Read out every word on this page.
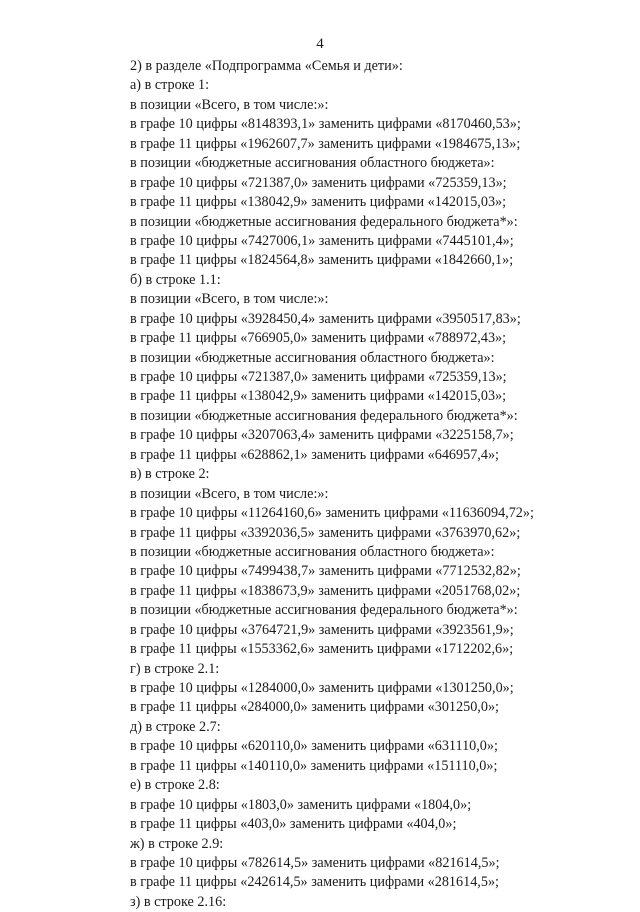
4
2) в разделе «Подпрограмма «Семья и дети»:
а) в строке 1:
в позиции «Всего, в том числе:»:
в графе 10 цифры «8148393,1» заменить цифрами «8170460,53»;
в графе 11 цифры «1962607,7» заменить цифрами «1984675,13»;
в позиции «бюджетные ассигнования областного бюджета»:
в графе 10 цифры «721387,0» заменить цифрами «725359,13»;
в графе 11 цифры «138042,9» заменить цифрами «142015,03»;
в позиции «бюджетные ассигнования федерального бюджета*»:
в графе 10 цифры «7427006,1» заменить цифрами «7445101,4»;
в графе 11 цифры «1824564,8» заменить цифрами «1842660,1»;
б) в строке 1.1:
в позиции «Всего, в том числе:»:
в графе 10 цифры «3928450,4» заменить цифрами «3950517,83»;
в графе 11 цифры «766905,0» заменить цифрами «788972,43»;
в позиции «бюджетные ассигнования областного бюджета»:
в графе 10 цифры «721387,0» заменить цифрами «725359,13»;
в графе 11 цифры «138042,9» заменить цифрами «142015,03»;
в позиции «бюджетные ассигнования федерального бюджета*»:
в графе 10 цифры «3207063,4» заменить цифрами «3225158,7»;
в графе 11 цифры «628862,1» заменить цифрами «646957,4»;
в) в строке 2:
в позиции «Всего, в том числе:»:
в графе 10 цифры «11264160,6» заменить цифрами «11636094,72»;
в графе 11 цифры «3392036,5» заменить цифрами «3763970,62»;
в позиции «бюджетные ассигнования областного бюджета»:
в графе 10 цифры «7499438,7» заменить цифрами «7712532,82»;
в графе 11 цифры «1838673,9» заменить цифрами «2051768,02»;
в позиции «бюджетные ассигнования федерального бюджета*»:
в графе 10 цифры «3764721,9» заменить цифрами «3923561,9»;
в графе 11 цифры «1553362,6» заменить цифрами «1712202,6»;
г) в строке 2.1:
в графе 10 цифры «1284000,0» заменить цифрами «1301250,0»;
в графе 11 цифры «284000,0» заменить цифрами «301250,0»;
д) в строке 2.7:
в графе 10 цифры «620110,0» заменить цифрами «631110,0»;
в графе 11 цифры «140110,0» заменить цифрами «151110,0»;
е) в строке 2.8:
в графе 10 цифры «1803,0» заменить цифрами «1804,0»;
в графе 11 цифры «403,0» заменить цифрами «404,0»;
ж) в строке 2.9:
в графе 10 цифры «782614,5» заменить цифрами «821614,5»;
в графе 11 цифры «242614,5» заменить цифрами «281614,5»;
з) в строке 2.16:
